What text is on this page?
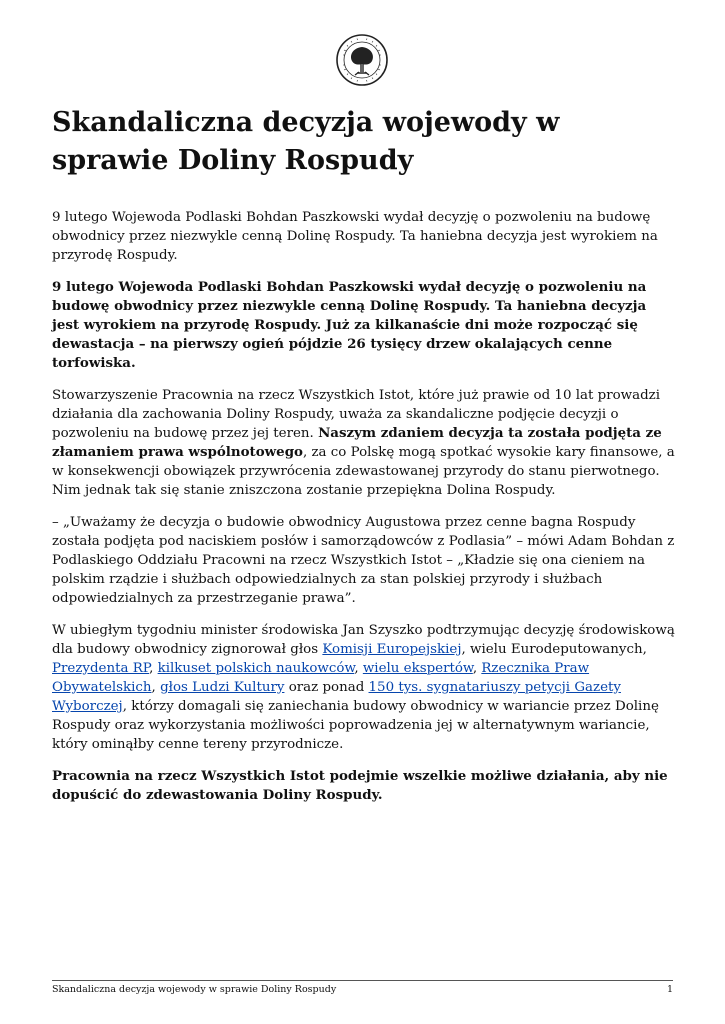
Skandaliczna decyzja wojewody w sprawie Doliny Rospudy

9 lutego Wojewoda Podlaski Bohdan Paszkowski wydał decyzję o pozwoleniu na budowę obwodnicy przez niezwykle cenną Dolinę Rospudy. Ta haniebna decyzja jest wyrokiem na przyrodę Rospudy.

9 lutego Wojewoda Podlaski Bohdan Paszkowski wydał decyzję o pozwoleniu na budowę obwodnicy przez niezwykle cenną Dolinę Rospudy. Ta haniebna decyzja jest wyrokiem na przyrodę Rospudy. Już za kilkanaście dni może rozpocząć się dewastacja – na pierwszy ogień pójdzie 26 tysięcy drzew okalających cenne torfowiska.

Stowarzyszenie Pracownia na rzecz Wszystkich Istot, które już prawie od 10 lat prowadzi działania dla zachowania Doliny Rospudy, uważa za skandaliczne podjęcie decyzji o pozwoleniu na budowę przez jej teren. Naszym zdaniem decyzja ta została podjęta ze złamaniem prawa wspólnotowego, za co Polskę mogą spotkać wysokie kary finansowe, a w konsekwencji obowiązek przywrócenia zdewastowanej przyrody do stanu pierwotnego. Nim jednak tak się stanie zniszczona zostanie przepiękna Dolina Rospudy.

– „Uważamy że decyzja o budowie obwodnicy Augustowa przez cenne bagna Rospudy została podjęta pod naciskiem posłów i samorządowców z Podlasia” – mówi Adam Bohdan z Podlaskiego Oddziału Pracowni na rzecz Wszystkich Istot – „Kładzie się ona cieniem na polskim rządzie i służbach odpowiedzialnych za stan polskiej przyrody i służbach odpowiedzialnych za przestrzeganie prawa”.

W ubiegłym tygodniu minister środowiska Jan Szyszko podtrzymując decyzję środowiskową dla budowy obwodnicy zignorował głos Komisji Europejskiej, wielu Eurodeputowanych, Prezydenta RP, kilkuset polskich naukowców, wielu ekspertów, Rzecznika Praw Obywatelskich, głos Ludzi Kultury oraz ponad 150 tys. sygnatariuszy petycji Gazety Wyborczej, którzy domagali się zaniechania budowy obwodnicy w wariancie przez Dolinę Rospudy oraz wykorzystania możliwości poprowadzenia jej w alternatywnym wariancie, który ominąłby cenne tereny przyrodnicze.

Pracownia na rzecz Wszystkich Istot podejmie wszelkie możliwe działania, aby nie dopuścić do zdewastowania Doliny Rospudy.

Skandaliczna decyzja wojewody w sprawie Doliny Rospudy	1
